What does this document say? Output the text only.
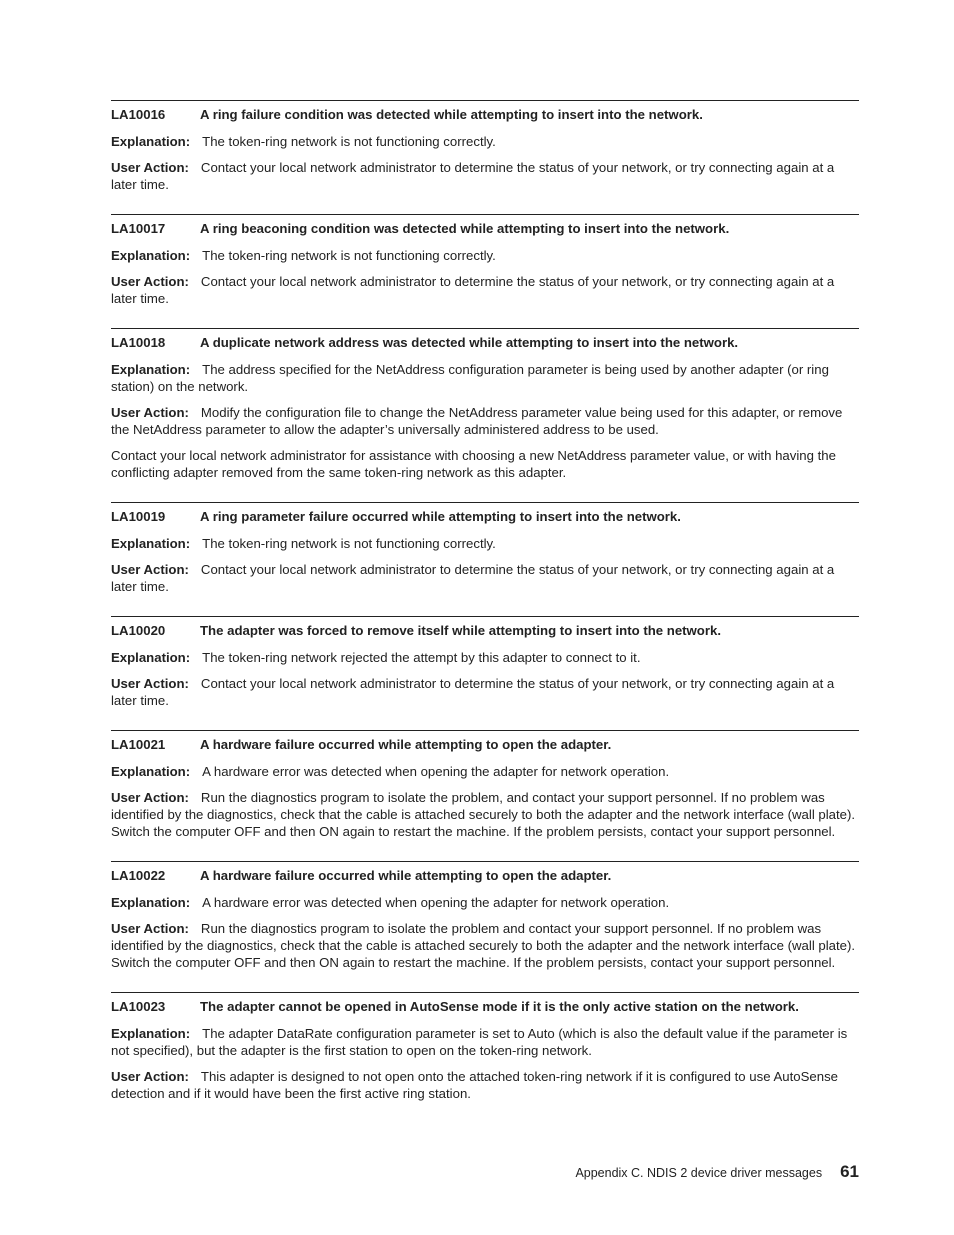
LA10016	A ring failure condition was detected while attempting to insert into the network.

Explanation: The token-ring network is not functioning correctly.

User Action: Contact your local network administrator to determine the status of your network, or try connecting again at a later time.

LA10017	A ring beaconing condition was detected while attempting to insert into the network.

Explanation: The token-ring network is not functioning correctly.

User Action: Contact your local network administrator to determine the status of your network, or try connecting again at a later time.

LA10018	A duplicate network address was detected while attempting to insert into the network.

Explanation: The address specified for the NetAddress configuration parameter is being used by another adapter (or ring station) on the network.

User Action: Modify the configuration file to change the NetAddress parameter value being used for this adapter, or remove the NetAddress parameter to allow the adapter’s universally administered address to be used.

Contact your local network administrator for assistance with choosing a new NetAddress parameter value, or with having the conflicting adapter removed from the same token-ring network as this adapter.

LA10019	A ring parameter failure occurred while attempting to insert into the network.

Explanation: The token-ring network is not functioning correctly.

User Action: Contact your local network administrator to determine the status of your network, or try connecting again at a later time.

LA10020	The adapter was forced to remove itself while attempting to insert into the network.

Explanation: The token-ring network rejected the attempt by this adapter to connect to it.

User Action: Contact your local network administrator to determine the status of your network, or try connecting again at a later time.

LA10021	A hardware failure occurred while attempting to open the adapter.

Explanation: A hardware error was detected when opening the adapter for network operation.

User Action: Run the diagnostics program to isolate the problem, and contact your support personnel. If no problem was identified by the diagnostics, check that the cable is attached securely to both the adapter and the network interface (wall plate). Switch the computer OFF and then ON again to restart the machine. If the problem persists, contact your support personnel.

LA10022	A hardware failure occurred while attempting to open the adapter.

Explanation: A hardware error was detected when opening the adapter for network operation.

User Action: Run the diagnostics program to isolate the problem and contact your support personnel. If no problem was identified by the diagnostics, check that the cable is attached securely to both the adapter and the network interface (wall plate). Switch the computer OFF and then ON again to restart the machine. If the problem persists, contact your support personnel.

LA10023	The adapter cannot be opened in AutoSense mode if it is the only active station on the network.

Explanation: The adapter DataRate configuration parameter is set to Auto (which is also the default value if the parameter is not specified), but the adapter is the first station to open on the token-ring network.

User Action: This adapter is designed to not open onto the attached token-ring network if it is configured to use AutoSense detection and if it would have been the first active ring station.

Appendix C. NDIS 2 device driver messages 61
